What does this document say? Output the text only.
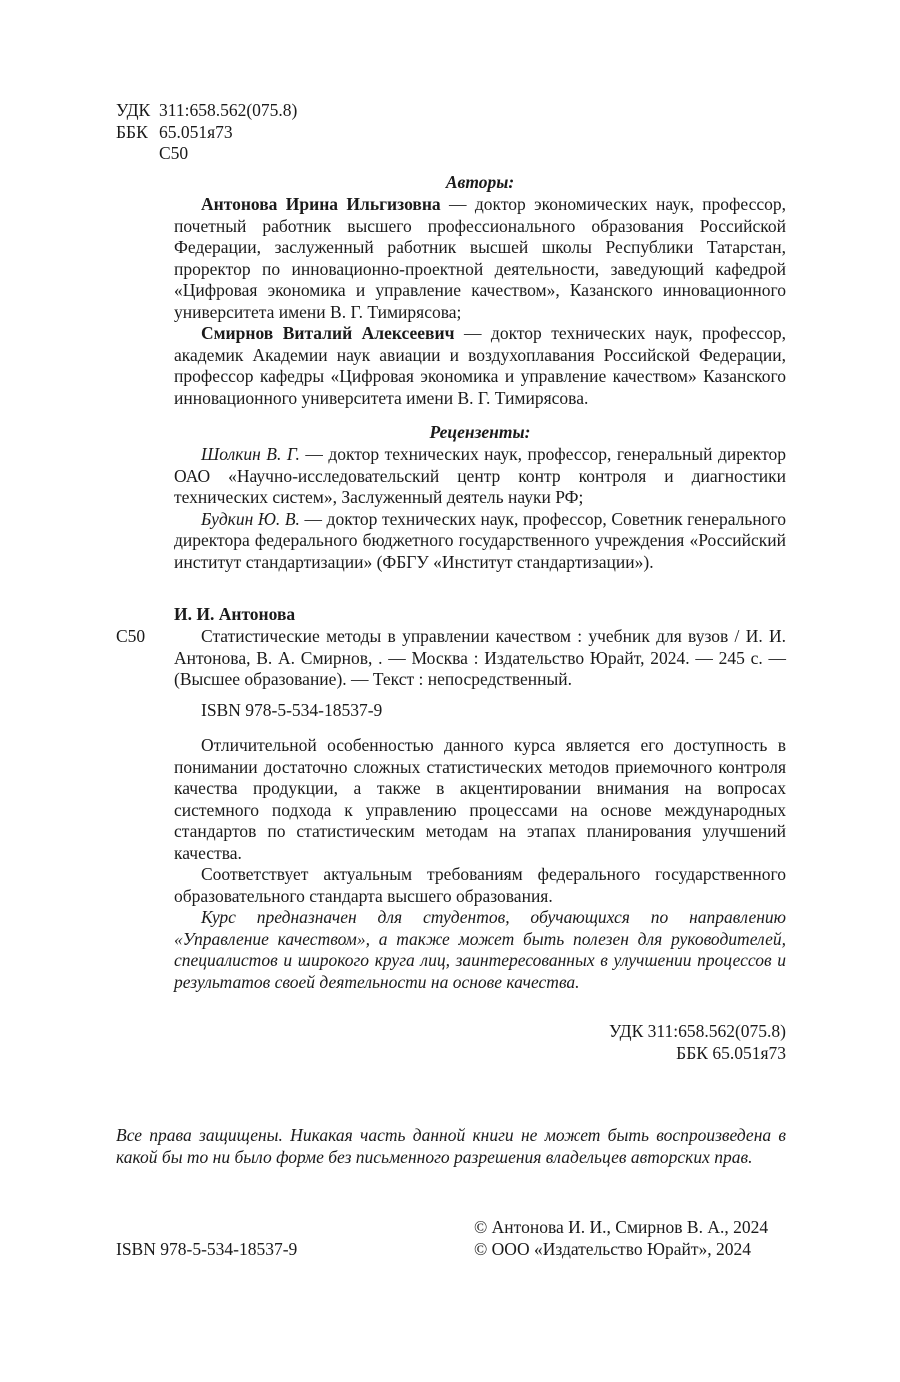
УДК 311:658.562(075.8)
ББК 65.051я73
С50
Авторы:

Антонова Ирина Ильгизовна — доктор экономических наук, профессор, почетный работник высшего профессионального образования Российской Федерации, заслуженный работник высшей школы Республики Татарстан, проректор по инновационно-проектной деятельности, заведующий кафедрой «Цифровая экономика и управление качеством», Казанского инновационного университета имени В. Г. Тимирясова;

Смирнов Виталий Алексеевич — доктор технических наук, профессор, академик Академии наук авиации и воздухоплавания Российской Федерации, профессор кафедры «Цифровая экономика и управление качеством» Казанского инновационного университета имени В. Г. Тимирясова.

Рецензенты:

Шолкин В. Г. — доктор технических наук, профессор, генеральный директор ОАО «Научно-исследовательский центр контр контроля и диагностики технических систем», Заслуженный деятель науки РФ;

Будкин Ю. В. — доктор технических наук, профессор, Советник генерального директора федерального бюджетного государственного учреждения «Российский институт стандартизации» (ФБГУ «Институт стандартизации»).

И. И. Антонова
С50	Статистические методы в управлении качеством : учебник для вузов / И. И. Антонова, В. А. Смирнов, . — Москва : Издательство Юрайт, 2024. — 245 с. — (Высшее образование). — Текст : непосредственный.

ISBN 978-5-534-18537-9

Отличительной особенностью данного курса является его доступность в понимании достаточно сложных статистических методов приемочного контроля качества продукции, а также в акцентировании внимания на вопросах системного подхода к управлению процессами на основе международных стандартов по статистическим методам на этапах планирования улучшений качества.

Соответствует актуальным требованиям федерального государственного образовательного стандарта высшего образования.

Курс предназначен для студентов, обучающихся по направлению «Управление качеством», а также может быть полезен для руководителей, специалистов и широкого круга лиц, заинтересованных в улучшении процессов и результатов своей деятельности на основе качества.

УДК 311:658.562(075.8)
ББК 65.051я73

Все права защищены. Никакая часть данной книги не может быть воспроизведена в какой бы то ни было форме без письменного разрешения владельцев авторских прав.

ISBN 978-5-534-18537-9
© Антонова И. И., Смирнов В. А., 2024
© ООО «Издательство Юрайт», 2024
